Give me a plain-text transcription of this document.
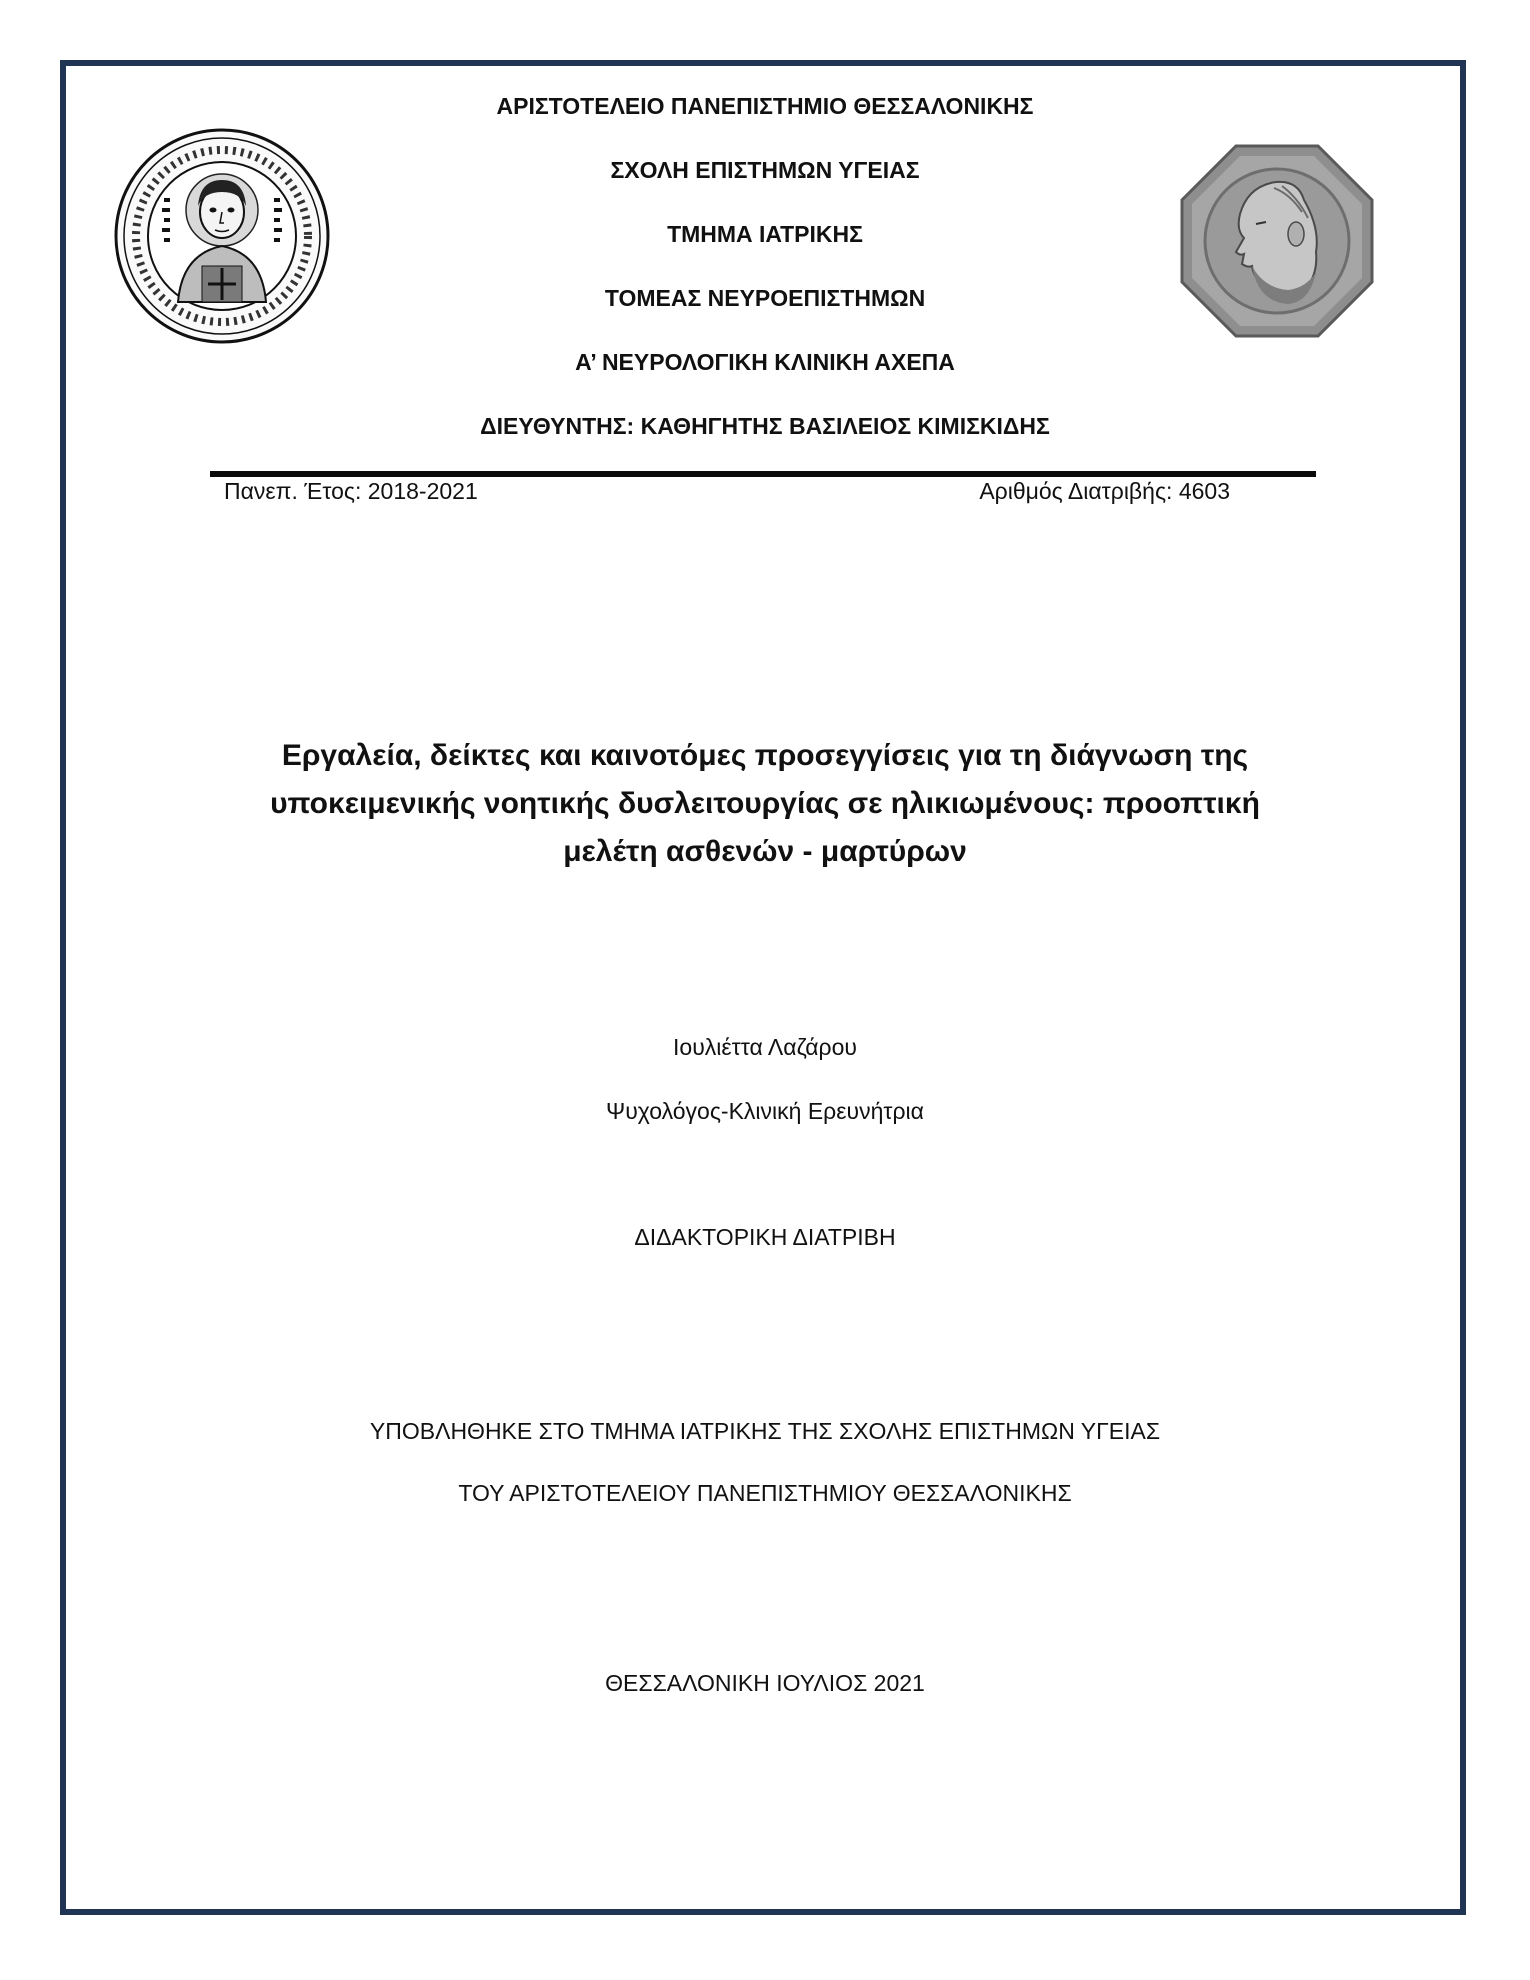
ΑΡΙΣΤΟΤΕΛΕΙΟ ΠΑΝΕΠΙΣΤΗΜΙΟ ΘΕΣΣΑΛΟΝΙΚΗΣ
ΣΧΟΛΗ ΕΠΙΣΤΗΜΩΝ ΥΓΕΙΑΣ
ΤΜΗΜΑ ΙΑΤΡΙΚΗΣ
ΤΟΜΕΑΣ ΝΕΥΡΟΕΠΙΣΤΗΜΩΝ
Α’ ΝΕΥΡΟΛΟΓΙΚΗ ΚΛΙΝΙΚΗ ΑΧΕΠΑ
ΔΙΕΥΘΥΝΤΗΣ: ΚΑΘΗΓΗΤΗΣ ΒΑΣΙΛΕΙΟΣ ΚΙΜΙΣΚΙΔΗΣ
Πανεπ. Έτος: 2018-2021	Αριθμός Διατριβής: 4603
Εργαλεία, δείκτες και καινοτόμες προσεγγίσεις για τη διάγνωση της
υποκειμενικής νοητικής δυσλειτουργίας σε ηλικιωμένους: προοπτική
μελέτη ασθενών - μαρτύρων
Ιουλιέττα Λαζάρου
Ψυχολόγος-Κλινική Ερευνήτρια
ΔΙΔΑΚΤΟΡΙΚΗ ΔΙΑΤΡΙΒΗ
ΥΠΟΒΛΗΘΗΚΕ ΣΤΟ ΤΜΗΜΑ ΙΑΤΡΙΚΗΣ ΤΗΣ ΣΧΟΛΗΣ ΕΠΙΣΤΗΜΩΝ ΥΓΕΙΑΣ
ΤΟΥ ΑΡΙΣΤΟΤΕΛΕΙΟΥ ΠΑΝΕΠΙΣΤΗΜΙΟΥ ΘΕΣΣΑΛΟΝΙΚΗΣ
ΘΕΣΣΑΛΟΝΙΚΗ ΙΟΥΛΙΟΣ 2021
